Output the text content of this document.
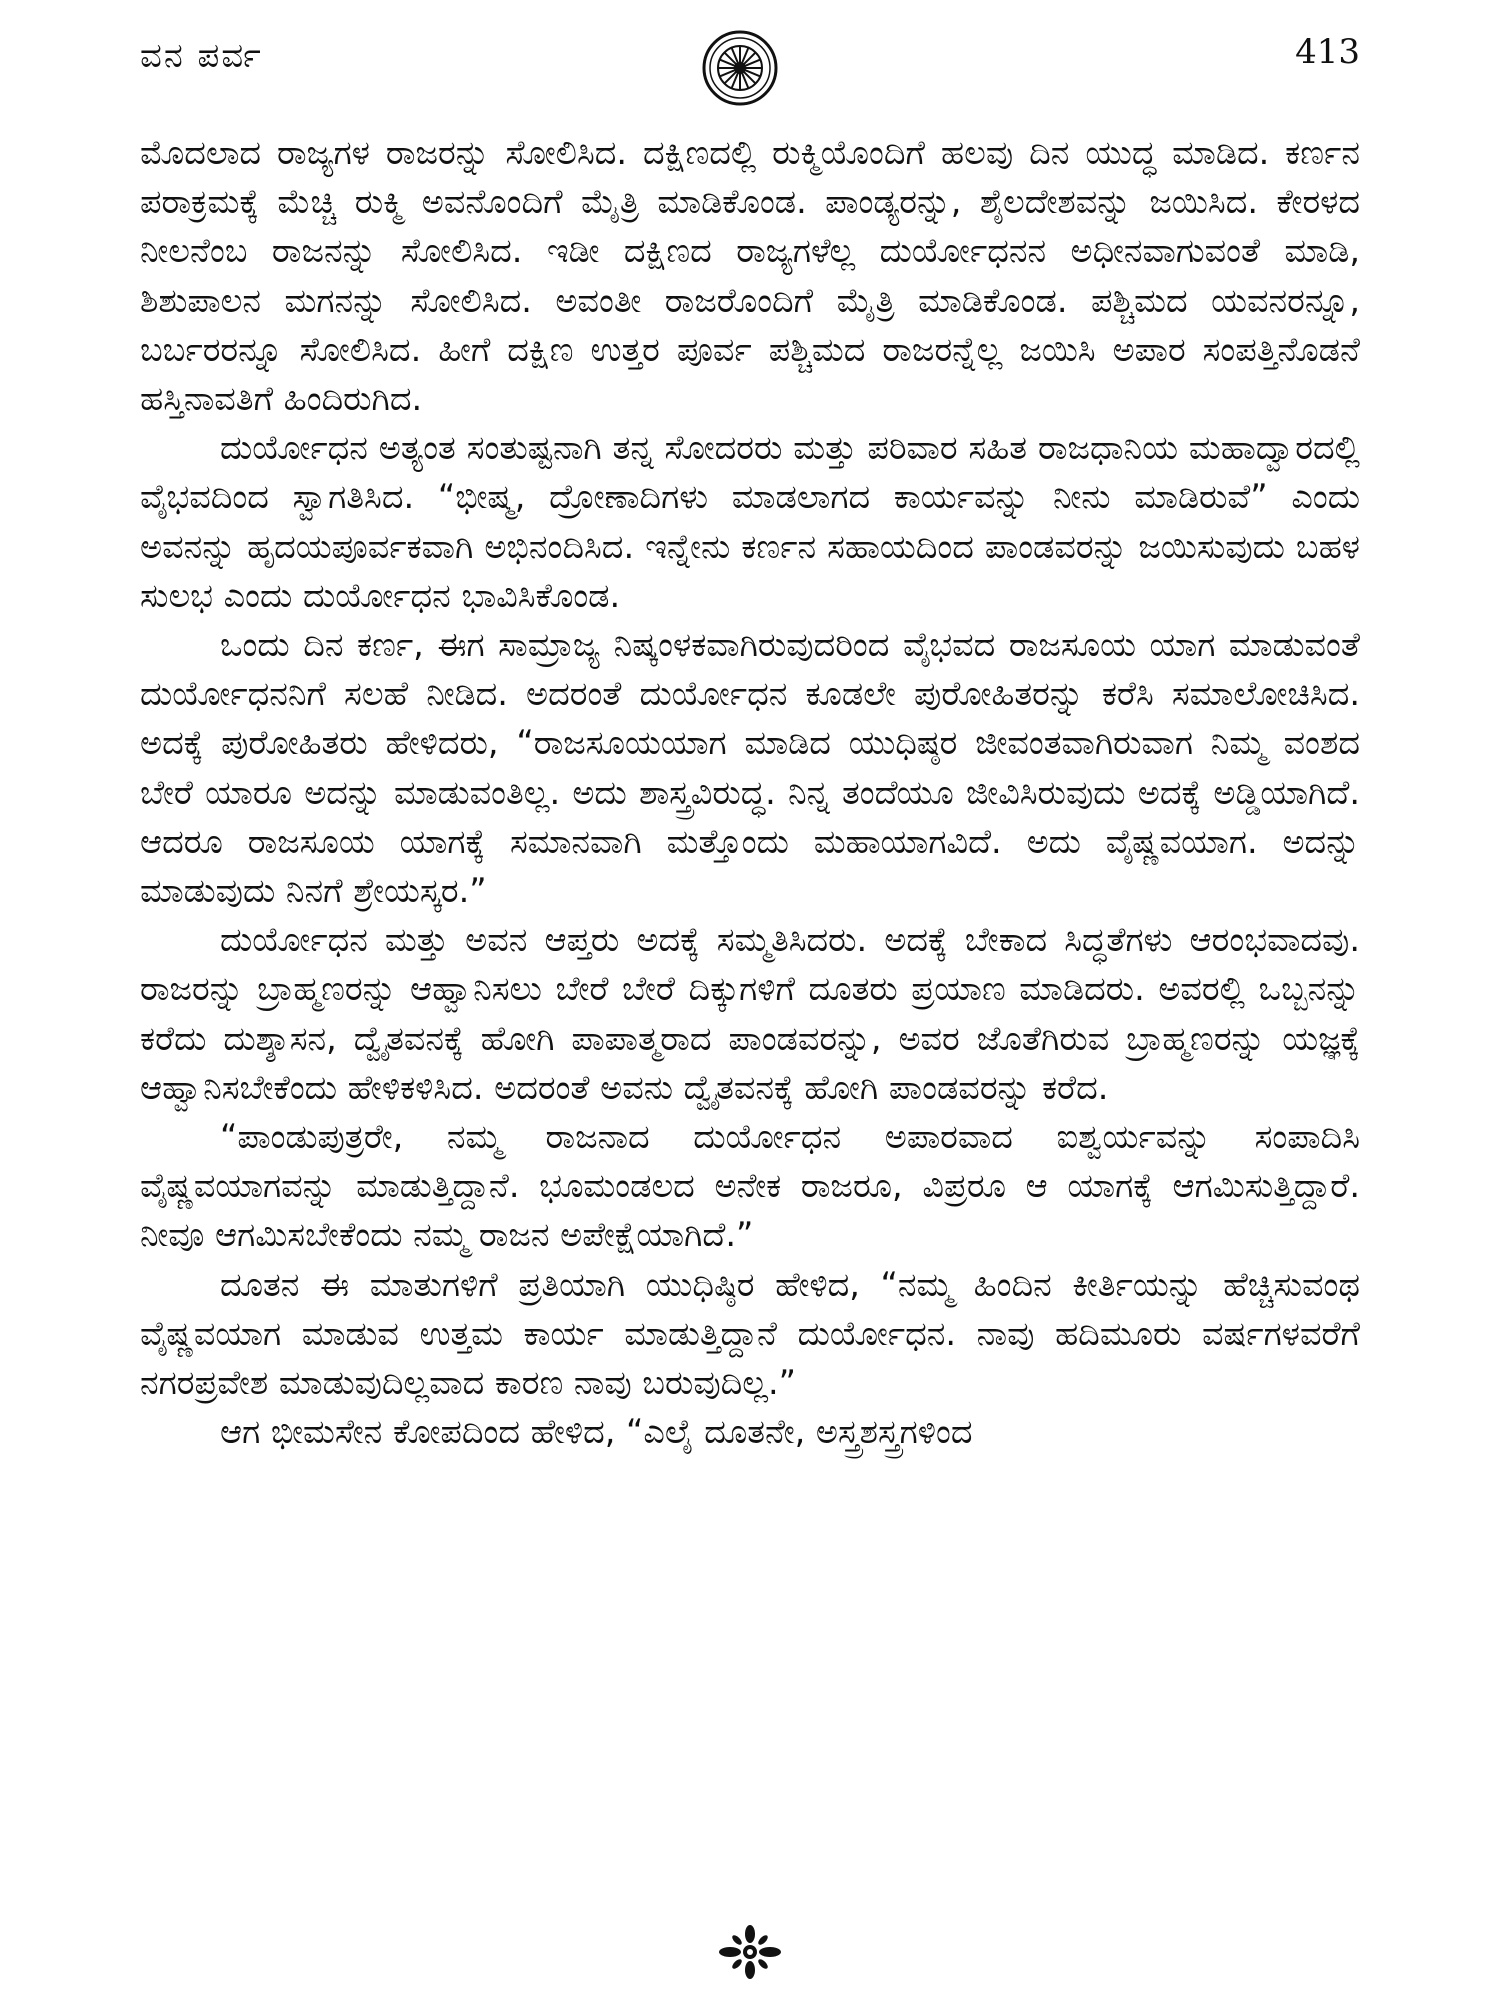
ವನ ಪರ್ವ	413

ಮೊದಲಾದ ರಾಜ್ಯಗಳ ರಾಜರನ್ನು ಸೋಲಿಸಿದ. ದಕ್ಷಿಣದಲ್ಲಿ ರುಕ್ಮಿಯೊಂದಿಗೆ ಹಲವು ದಿನ ಯುದ್ಧ ಮಾಡಿದ. ಕರ್ಣನ ಪರಾಕ್ರಮಕ್ಕೆ ಮೆಚ್ಚಿ ರುಕ್ಮಿ ಅವನೊಂದಿಗೆ ಮೈತ್ರಿ ಮಾಡಿಕೊಂಡ. ಪಾಂಡ್ಯರನ್ನು, ಶೈಲದೇಶವನ್ನು ಜಯಿಸಿದ. ಕೇರಳದ ನೀಲನೆಂಬ ರಾಜನನ್ನು ಸೋಲಿಸಿದ. ಇಡೀ ದಕ್ಷಿಣದ ರಾಜ್ಯಗಳೆಲ್ಲ ದುರ್ಯೋಧನನ ಅಧೀನವಾಗುವಂತೆ ಮಾಡಿ, ಶಿಶುಪಾಲನ ಮಗನನ್ನು ಸೋಲಿಸಿದ. ಅವಂತೀ ರಾಜರೊಂದಿಗೆ ಮೈತ್ರಿ ಮಾಡಿಕೊಂಡ. ಪಶ್ಚಿಮದ ಯವನರನ್ನೂ, ಬರ್ಬರರನ್ನೂ ಸೋಲಿಸಿದ. ಹೀಗೆ ದಕ್ಷಿಣ ಉತ್ತರ ಪೂರ್ವ ಪಶ್ಚಿಮದ ರಾಜರನ್ನೆಲ್ಲ ಜಯಿಸಿ ಅಪಾರ ಸಂಪತ್ತಿನೊಡನೆ ಹಸ್ತಿನಾವತಿಗೆ ಹಿಂದಿರುಗಿದ.

ದುರ್ಯೋಧನ ಅತ್ಯಂತ ಸಂತುಷ್ಟನಾಗಿ ತನ್ನ ಸೋದರರು ಮತ್ತು ಪರಿವಾರ ಸಹಿತ ರಾಜಧಾನಿಯ ಮಹಾದ್ವಾರದಲ್ಲಿ ವೈಭವದಿಂದ ಸ್ವಾಗತಿಸಿದ. “ಭೀಷ್ಮ, ದ್ರೋಣಾದಿಗಳು ಮಾಡಲಾಗದ ಕಾರ್ಯವನ್ನು ನೀನು ಮಾಡಿರುವೆ” ಎಂದು ಅವನನ್ನು ಹೃದಯಪೂರ್ವಕವಾಗಿ ಅಭಿನಂದಿಸಿದ. ಇನ್ನೇನು ಕರ್ಣನ ಸಹಾಯದಿಂದ ಪಾಂಡವರನ್ನು ಜಯಿಸುವುದು ಬಹಳ ಸುಲಭ ಎಂದು ದುರ್ಯೋಧನ ಭಾವಿಸಿಕೊಂಡ.

ಒಂದು ದಿನ ಕರ್ಣ, ಈಗ ಸಾಮ್ರಾಜ್ಯ ನಿಷ್ಕಂಳಕವಾಗಿರುವುದರಿಂದ ವೈಭವದ ರಾಜಸೂಯ ಯಾಗ ಮಾಡುವಂತೆ ದುರ್ಯೋಧನನಿಗೆ ಸಲಹೆ ನೀಡಿದ. ಅದರಂತೆ ದುರ್ಯೋಧನ ಕೂಡಲೇ ಪುರೋಹಿತರನ್ನು ಕರೆಸಿ ಸಮಾಲೋಚಿಸಿದ. ಅದಕ್ಕೆ ಪುರೋಹಿತರು ಹೇಳಿದರು, “ರಾಜಸೂಯಯಾಗ ಮಾಡಿದ ಯುಧಿಷ್ಠರ ಜೀವಂತವಾಗಿರುವಾಗ ನಿಮ್ಮ ವಂಶದ ಬೇರೆ ಯಾರೂ ಅದನ್ನು ಮಾಡುವಂತಿಲ್ಲ. ಅದು ಶಾಸ್ತ್ರವಿರುದ್ಧ. ನಿನ್ನ ತಂದೆಯೂ ಜೀವಿಸಿರುವುದು ಅದಕ್ಕೆ ಅಡ್ಡಿಯಾಗಿದೆ. ಆದರೂ ರಾಜಸೂಯ ಯಾಗಕ್ಕೆ ಸಮಾನವಾಗಿ ಮತ್ತೊಂದು ಮಹಾಯಾಗವಿದೆ. ಅದು ವೈಷ್ಣವಯಾಗ. ಅದನ್ನು ಮಾಡುವುದು ನಿನಗೆ ಶ್ರೇಯಸ್ಕರ.”

ದುರ್ಯೋಧನ ಮತ್ತು ಅವನ ಆಪ್ತರು ಅದಕ್ಕೆ ಸಮ್ಮತಿಸಿದರು. ಅದಕ್ಕೆ ಬೇಕಾದ ಸಿದ್ಧತೆಗಳು ಆರಂಭವಾದವು. ರಾಜರನ್ನು ಬ್ರಾಹ್ಮಣರನ್ನು ಆಹ್ವಾನಿಸಲು ಬೇರೆ ಬೇರೆ ದಿಕ್ಕುಗಳಿಗೆ ದೂತರು ಪ್ರಯಾಣ ಮಾಡಿದರು. ಅವರಲ್ಲಿ ಒಬ್ಬನನ್ನು ಕರೆದು ದುಶ್ಶಾಸನ, ದ್ವೈತವನಕ್ಕೆ ಹೋಗಿ ಪಾಪಾತ್ಮರಾದ ಪಾಂಡವರನ್ನು, ಅವರ ಜೊತೆಗಿರುವ ಬ್ರಾಹ್ಮಣರನ್ನು ಯಜ್ಞಕ್ಕೆ ಆಹ್ವಾನಿಸಬೇಕೆಂದು ಹೇಳಿಕಳಿಸಿದ. ಅದರಂತೆ ಅವನು ದ್ವೈತವನಕ್ಕೆ ಹೋಗಿ ಪಾಂಡವರನ್ನು ಕರೆದ.

“ಪಾಂಡುಪುತ್ರರೇ, ನಮ್ಮ ರಾಜನಾದ ದುರ್ಯೋಧನ ಅಪಾರವಾದ ಐಶ್ವರ್ಯವನ್ನು ಸಂಪಾದಿಸಿ ವೈಷ್ಣವಯಾಗವನ್ನು ಮಾಡುತ್ತಿದ್ದಾನೆ. ಭೂಮಂಡಲದ ಅನೇಕ ರಾಜರೂ, ವಿಪ್ರರೂ ಆ ಯಾಗಕ್ಕೆ ಆಗಮಿಸುತ್ತಿದ್ದಾರೆ. ನೀವೂ ಆಗಮಿಸಬೇಕೆಂದು ನಮ್ಮ ರಾಜನ ಅಪೇಕ್ಷೆಯಾಗಿದೆ.”

ದೂತನ ಈ ಮಾತುಗಳಿಗೆ ಪ್ರತಿಯಾಗಿ ಯುಧಿಷ್ಠಿರ ಹೇಳಿದ, “ನಮ್ಮ ಹಿಂದಿನ ಕೀರ್ತಿಯನ್ನು ಹೆಚ್ಚಿಸುವಂಥ ವೈಷ್ಣವಯಾಗ ಮಾಡುವ ಉತ್ತಮ ಕಾರ್ಯ ಮಾಡುತ್ತಿದ್ದಾನೆ ದುರ್ಯೋಧನ. ನಾವು ಹದಿಮೂರು ವರ್ಷಗಳವರೆಗೆ ನಗರಪ್ರವೇಶ ಮಾಡುವುದಿಲ್ಲವಾದ ಕಾರಣ ನಾವು ಬರುವುದಿಲ್ಲ.”

ಆಗ ಭೀಮಸೇನ ಕೋಪದಿಂದ ಹೇಳಿದ, “ಎಲೈ ದೂತನೇ, ಅಸ್ತ್ರಶಸ್ತ್ರಗಳಿಂದ
